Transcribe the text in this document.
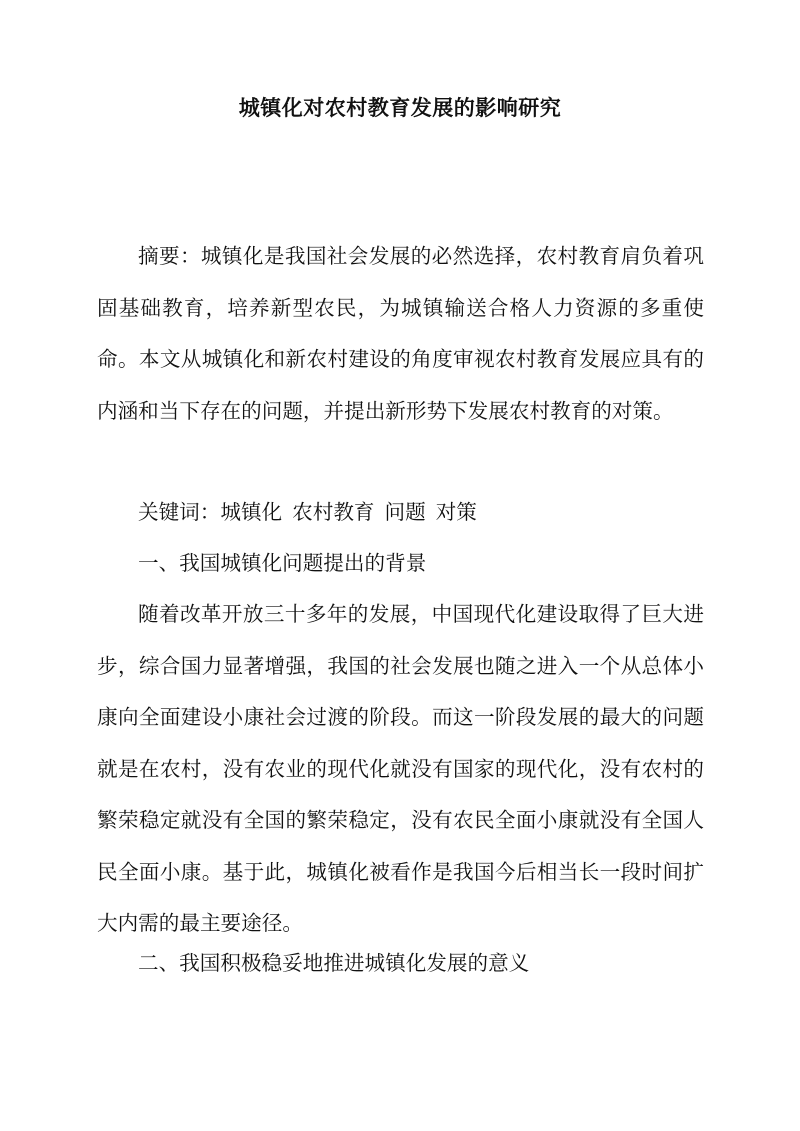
城镇化对农村教育发展的影响研究

摘要：城镇化是我国社会发展的必然选择，农村教育肩负着巩固基础教育，培养新型农民，为城镇输送合格人力资源的多重使命。本文从城镇化和新农村建设的角度审视农村教育发展应具有的内涵和当下存在的问题，并提出新形势下发展农村教育的对策。

关键词：城镇化 农村教育 问题 对策

一、我国城镇化问题提出的背景

随着改革开放三十多年的发展，中国现代化建设取得了巨大进步，综合国力显著增强，我国的社会发展也随之进入一个从总体小康向全面建设小康社会过渡的阶段。而这一阶段发展的最大的问题就是在农村，没有农业的现代化就没有国家的现代化，没有农村的繁荣稳定就没有全国的繁荣稳定，没有农民全面小康就没有全国人民全面小康。基于此，城镇化被看作是我国今后相当长一段时间扩大内需的最主要途径。

二、我国积极稳妥地推进城镇化发展的意义
